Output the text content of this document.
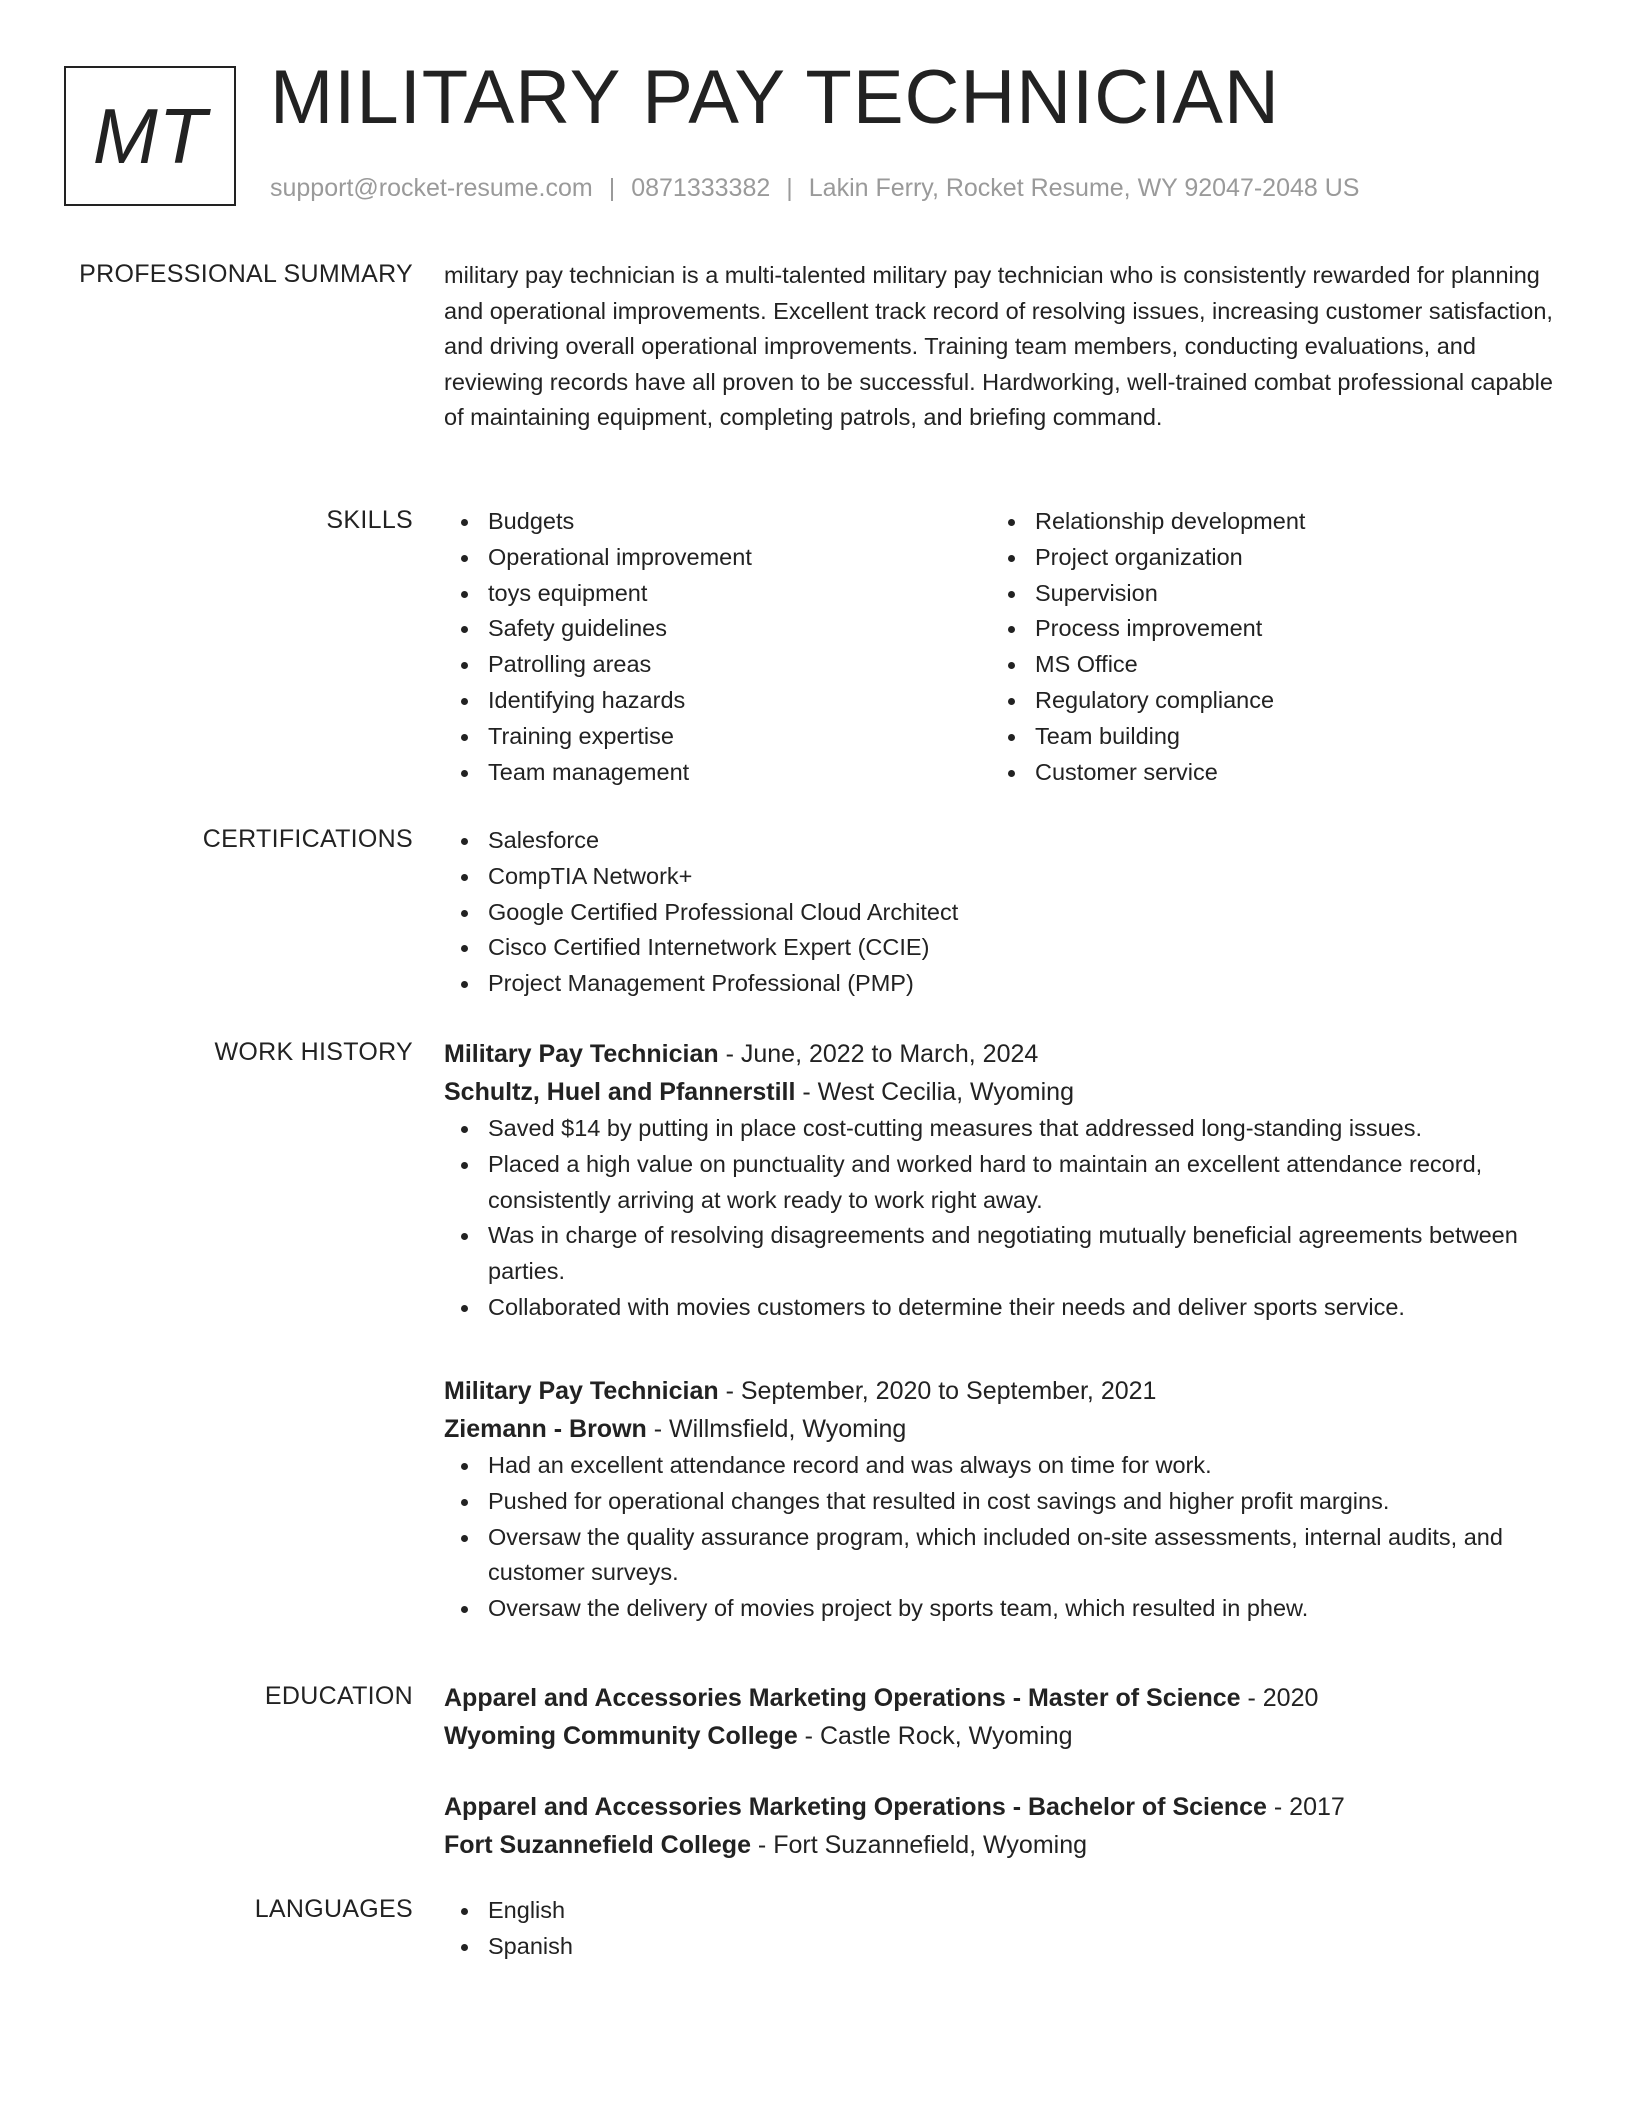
MT MILITARY PAY TECHNICIAN
support@rocket-resume.com | 0871333382 | Lakin Ferry, Rocket Resume, WY 92047-2048 US
PROFESSIONAL SUMMARY military pay technician is a multi-talented military pay technician who is consistently rewarded for planning and operational improvements. Excellent track record of resolving issues, increasing customer satisfaction, and driving overall operational improvements. Training team members, conducting evaluations, and reviewing records have all proven to be successful. Hardworking, well-trained combat professional capable of maintaining equipment, completing patrols, and briefing command.

SKILLS	Budgets
Operational improvement
toys equipment
Safety guidelines
Patrolling areas
Identifying hazards
Training expertise
Team management
Relationship development
Project organization
Supervision
Process improvement
MS Office
Regulatory compliance
Team building
Customer service
CERTIFICATIONS	Salesforce
CompTIA Network+
Google Certified Professional Cloud Architect
Cisco Certified Internetwork Expert (CCIE)
Project Management Professional (PMP)
WORK HISTORY Military Pay Technician - June, 2022 to March, 2024
Schultz, Huel and Pfannerstill - West Cecilia, Wyoming
Saved $14 by putting in place cost-cutting measures that addressed long-standing issues.
Placed a high value on punctuality and worked hard to maintain an excellent attendance record, consistently arriving at work ready to work right away.
Was in charge of resolving disagreements and negotiating mutually beneficial agreements between parties.
Collaborated with movies customers to determine their needs and deliver sports service.
Military Pay Technician - September, 2020 to September, 2021
Ziemann - Brown - Willmsfield, Wyoming
Had an excellent attendance record and was always on time for work.
Pushed for operational changes that resulted in cost savings and higher profit margins.
Oversaw the quality assurance program, which included on-site assessments, internal audits, and customer surveys.
Oversaw the delivery of movies project by sports team, which resulted in phew.
EDUCATION Apparel and Accessories Marketing Operations - Master of Science - 2020
Wyoming Community College - Castle Rock, Wyoming
Apparel and Accessories Marketing Operations - Bachelor of Science - 2017
Fort Suzannefield College - Fort Suzannefield, Wyoming
LANGUAGES	English
Spanish
